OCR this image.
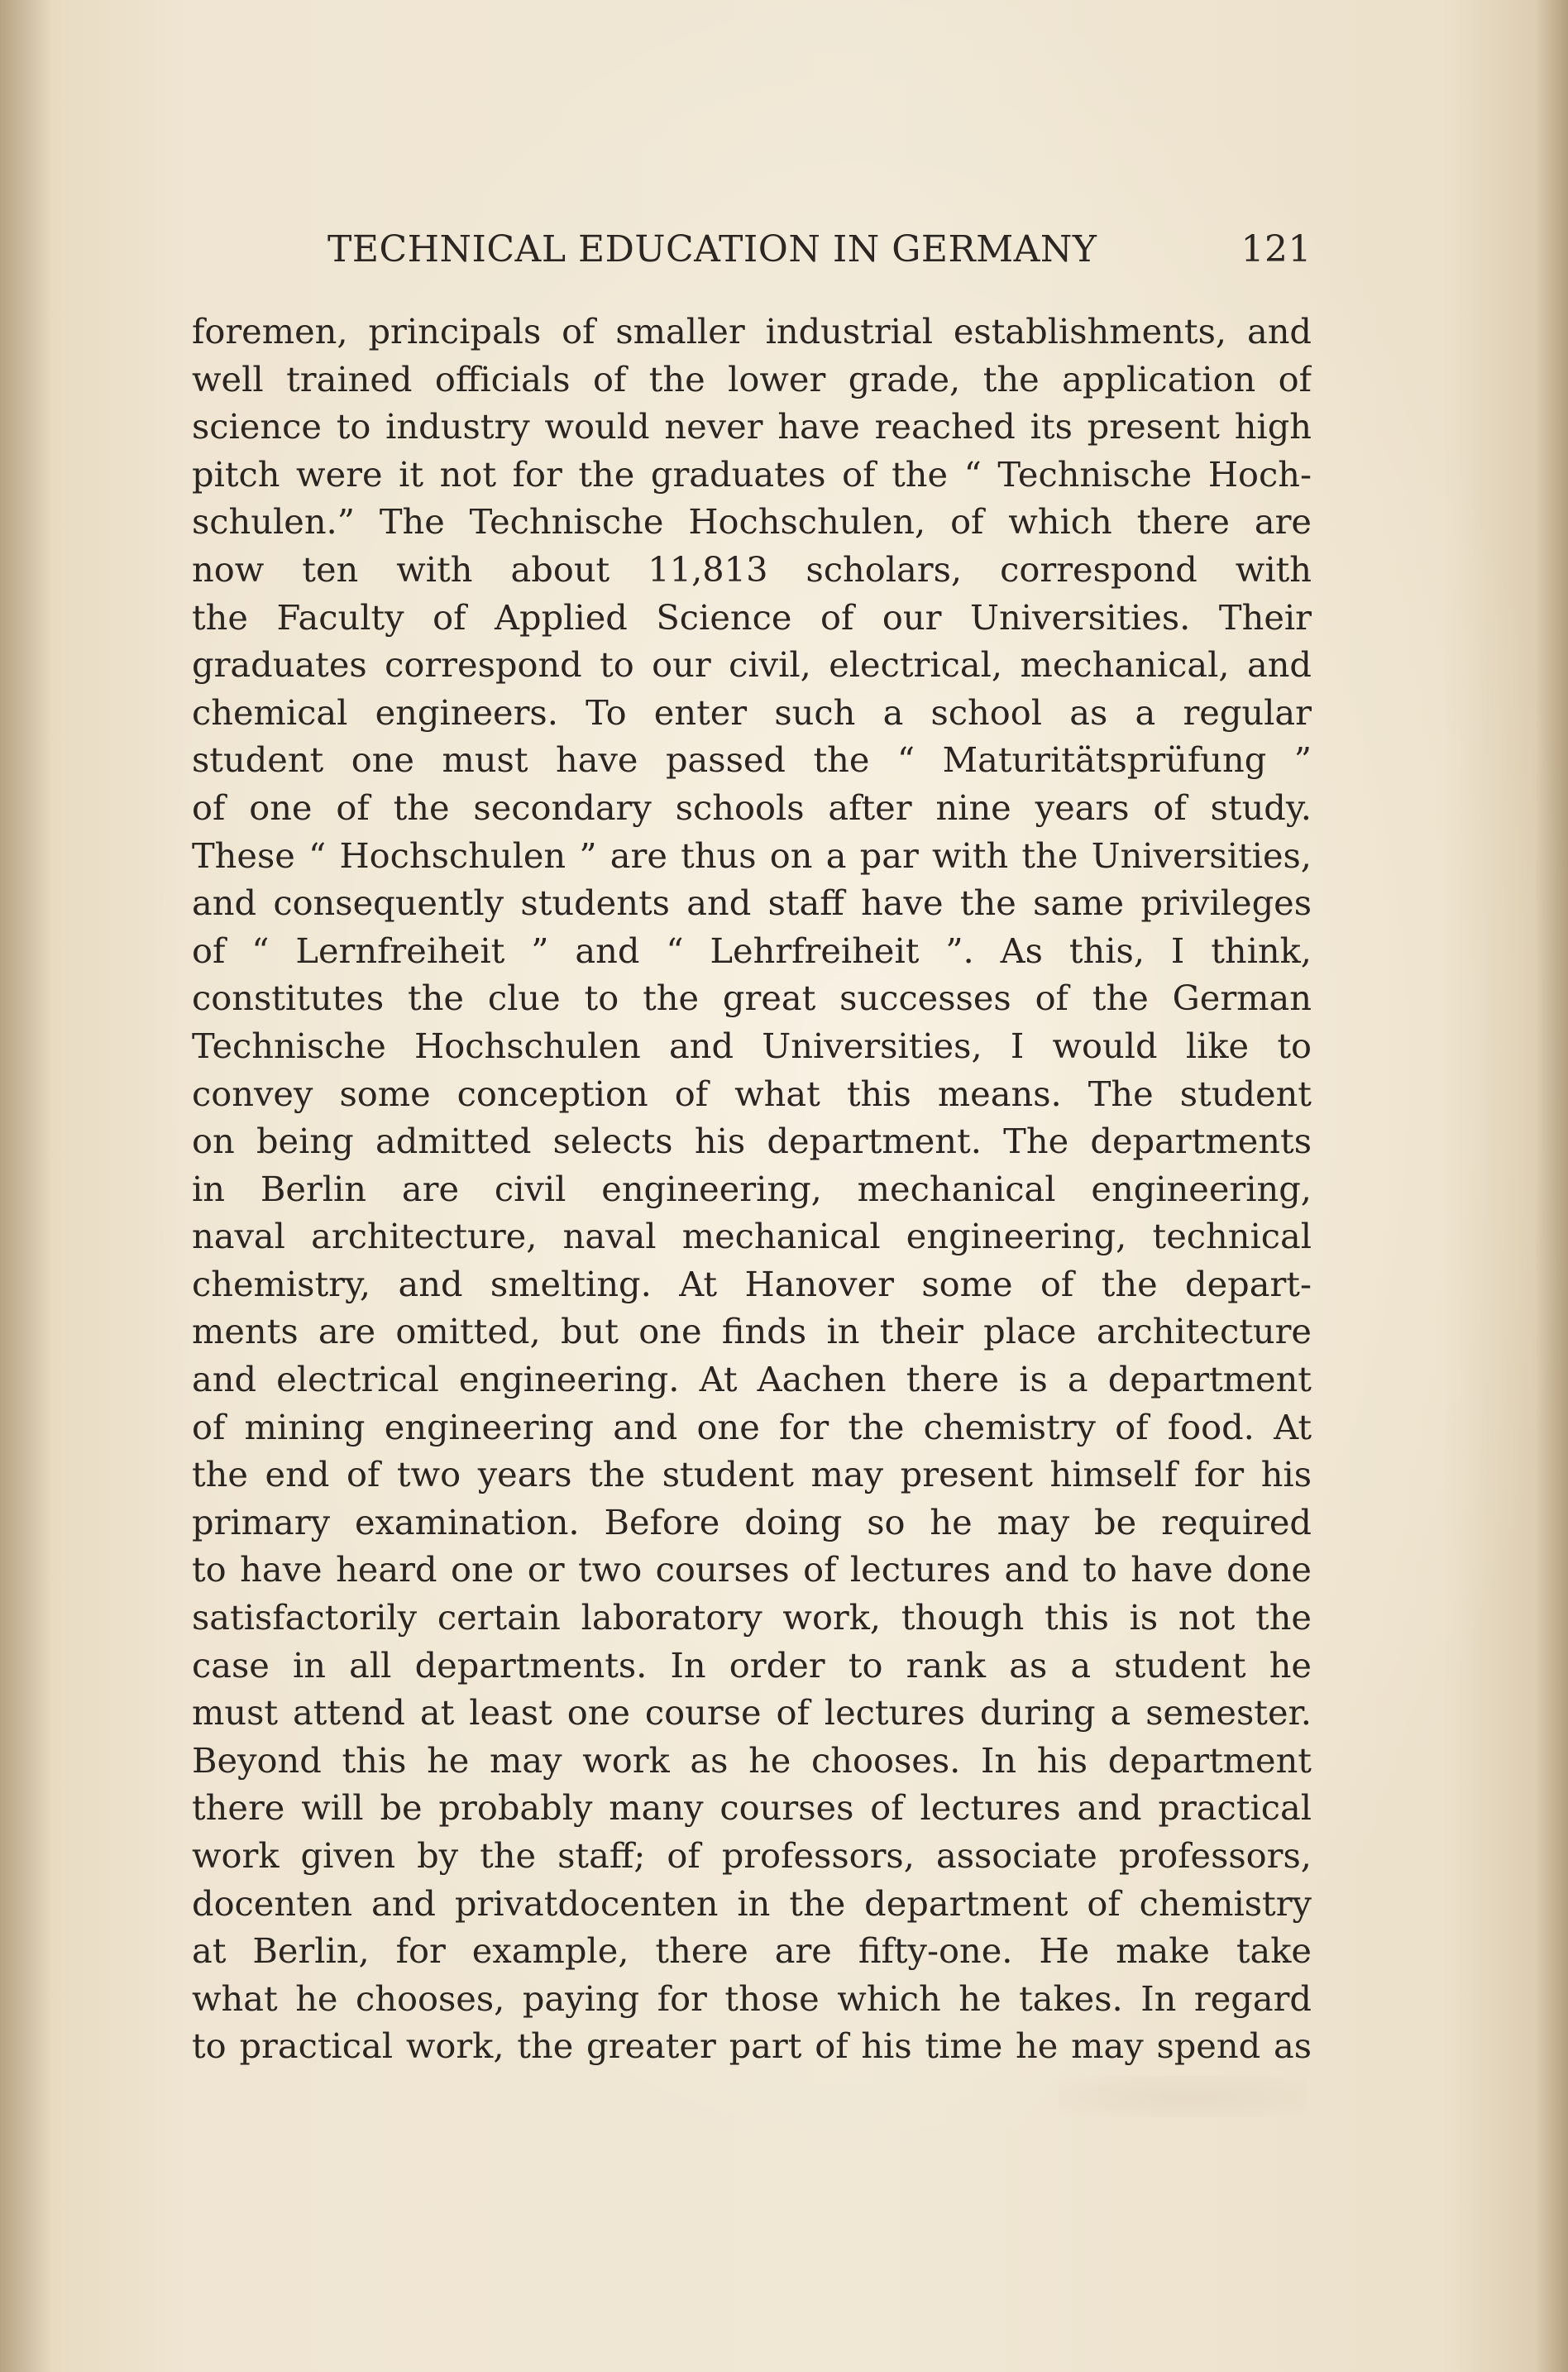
TECHNICAL EDUCATION IN GERMANY	121
foremen, principals of smaller industrial establishments, and
well trained officials of the lower grade, the application of
science to industry would never have reached its present high
pitch were it not for the graduates of the “ Technische Hoch-
schulen.” The Technische Hochschulen, of which there are
now ten with about 11,813 scholars, correspond with
the Faculty of Applied Science of our Universities. Their
graduates correspond to our civil, electrical, mechanical, and
chemical engineers. To enter such a school as a regular
student one must have passed the “ Maturitätsprüfung ”
of one of the secondary schools after nine years of study.
These “ Hochschulen ” are thus on a par with the Universities,
and consequently students and staff have the same privileges
of “ Lernfreiheit ” and “ Lehrfreiheit ”. As this, I think,
constitutes the clue to the great successes of the German
Technische Hochschulen and Universities, I would like to
convey some conception of what this means. The student
on being admitted selects his department. The departments
in Berlin are civil engineering, mechanical engineering,
naval architecture, naval mechanical engineering, technical
chemistry, and smelting. At Hanover some of the depart-
ments are omitted, but one finds in their place architecture
and electrical engineering. At Aachen there is a department
of mining engineering and one for the chemistry of food. At
the end of two years the student may present himself for his
primary examination. Before doing so he may be required
to have heard one or two courses of lectures and to have done
satisfactorily certain laboratory work, though this is not the
case in all departments. In order to rank as a student he
must attend at least one course of lectures during a semester.
Beyond this he may work as he chooses. In his department
there will be probably many courses of lectures and practical
work given by the staff; of professors, associate professors,
docenten and privatdocenten in the department of chemistry
at Berlin, for example, there are fifty-one. He make take
what he chooses, paying for those which he takes. In regard
to practical work, the greater part of his time he may spend as
